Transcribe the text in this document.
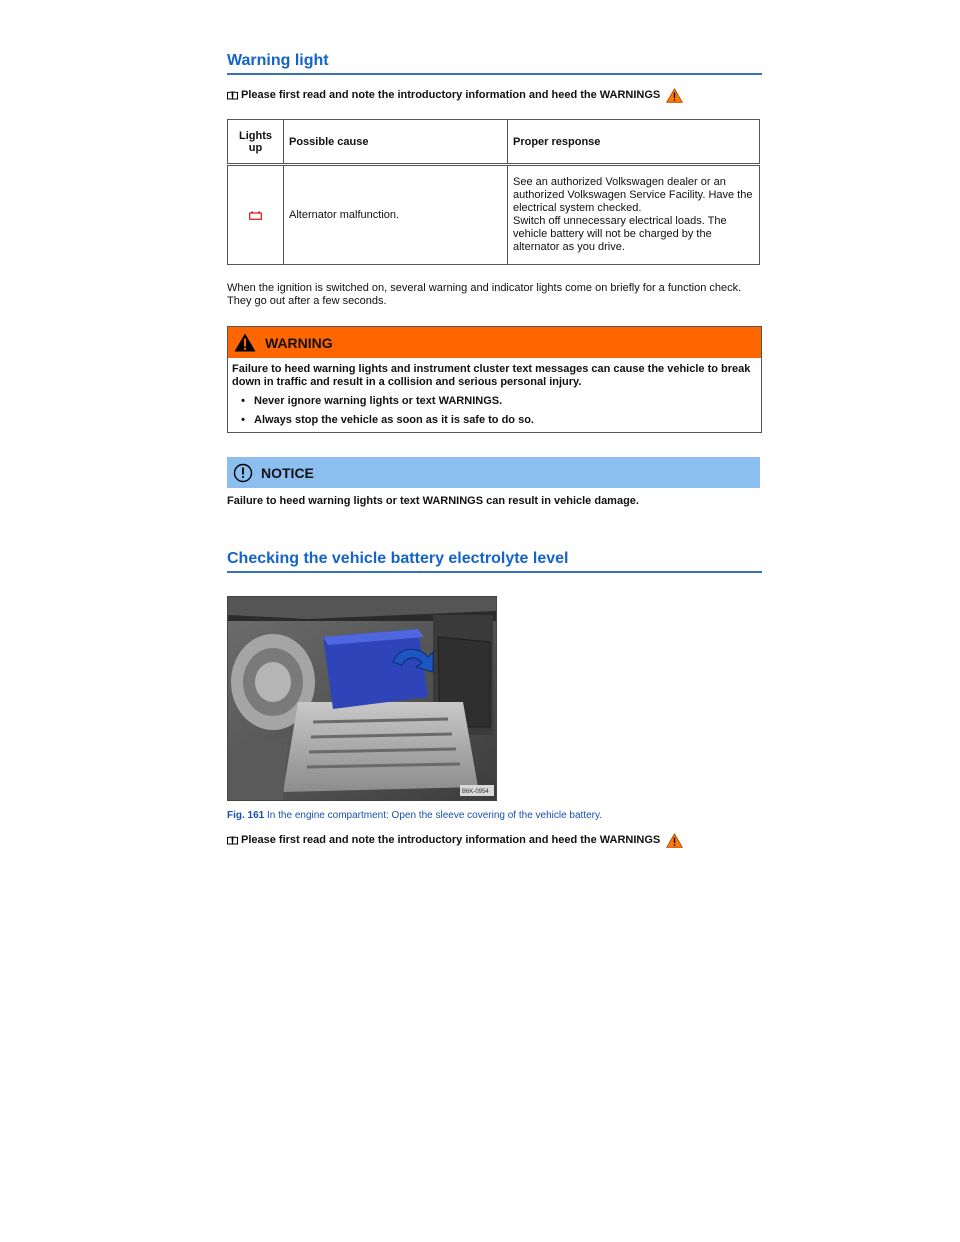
Warning light
Please first read and note the introductory information and heed the WARNINGS
Lights up	Possible cause	Proper response
	Alternator malfunction.	See an authorized Volkswagen dealer or an authorized Volkswagen Service Facility. Have the electrical system checked.
Switch off unnecessary electrical loads. The vehicle battery will not be charged by the alternator as you drive.
When the ignition is switched on, several warning and indicator lights come on briefly for a function check. They go out after a few seconds.
WARNING
Failure to heed warning lights and instrument cluster text messages can cause the vehicle to break down in traffic and result in a collision and serious personal injury.
• Never ignore warning lights or text WARNINGS.
• Always stop the vehicle as soon as it is safe to do so.
NOTICE
Failure to heed warning lights or text WARNINGS can result in vehicle damage.
Checking the vehicle battery electrolyte level
B6K-0954
Fig. 161 In the engine compartment: Open the sleeve covering of the vehicle battery.
Please first read and note the introductory information and heed the WARNINGS
